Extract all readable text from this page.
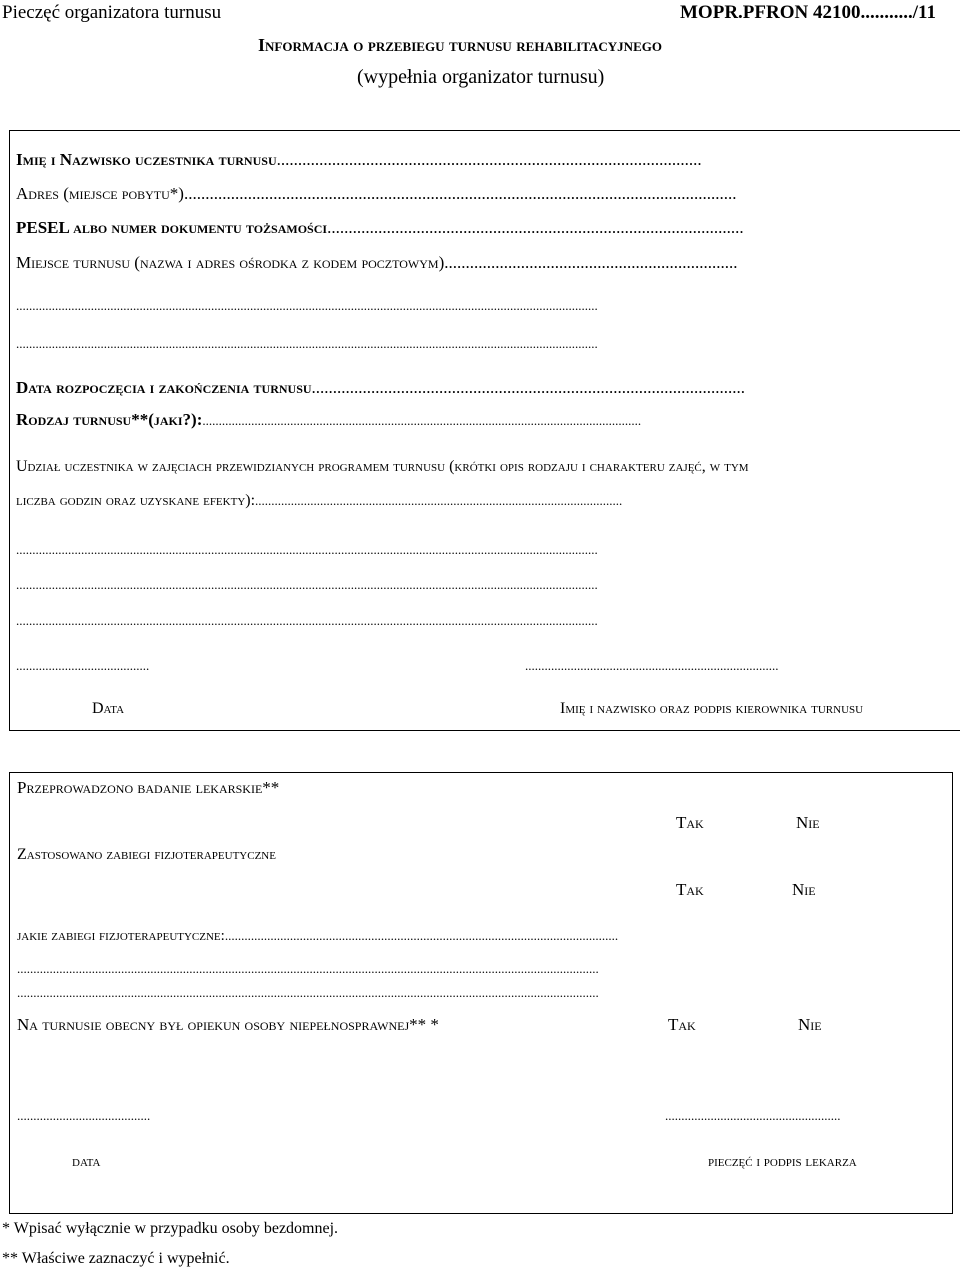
Pieczęć organizatora turnusu	MOPR.PFRON 42100.........../11
Informacja o przebiegu turnusu rehabilitacyjnego
(wypełnia organizator turnusu)
Imię i Nazwisko uczestnika turnusu....................................................................................................
Adres (miejsce pobytu*)..................................................................................................................................
PESEL albo numer dokumentu tożsamości..................................................................................................
Miejsce turnusu (nazwa i adres ośrodka z kodem pocztowym).....................................................................
...................................................................................................................................................................................
...................................................................................................................................................................................
Data rozpoczęcia i zakończenia turnusu......................................................................................................
Rodzaj turnusu**(jaki?):.......................................................................................................................................
Udział uczestnika w zajęciach przewidzianych programem turnusu (krótki opis rodzaju i charakteru zajęć, w tym
liczba godzin oraz uzyskane efekty):.................................................................................................................
...................................................................................................................................................................................
...................................................................................................................................................................................
...................................................................................................................................................................................
.........................................	..............................................................................
Data	Imię i nazwisko oraz podpis kierownika turnusu
Przeprowadzono badanie lekarskie**
Tak	Nie
Zastosowano zabiegi fizjoterapeutyczne
Tak	Nie
jakie zabiegi fizjoterapeutyczne:.........................................................................................................................
...................................................................................................................................................................................
...................................................................................................................................................................................
Na turnusie obecny był opiekun osoby niepełnosprawnej** *	Tak	Nie
.........................................	......................................................
data	pieczęć i podpis lekarza
* Wpisać wyłącznie w przypadku osoby bezdomnej.
** Właściwe zaznaczyć i wypełnić.
